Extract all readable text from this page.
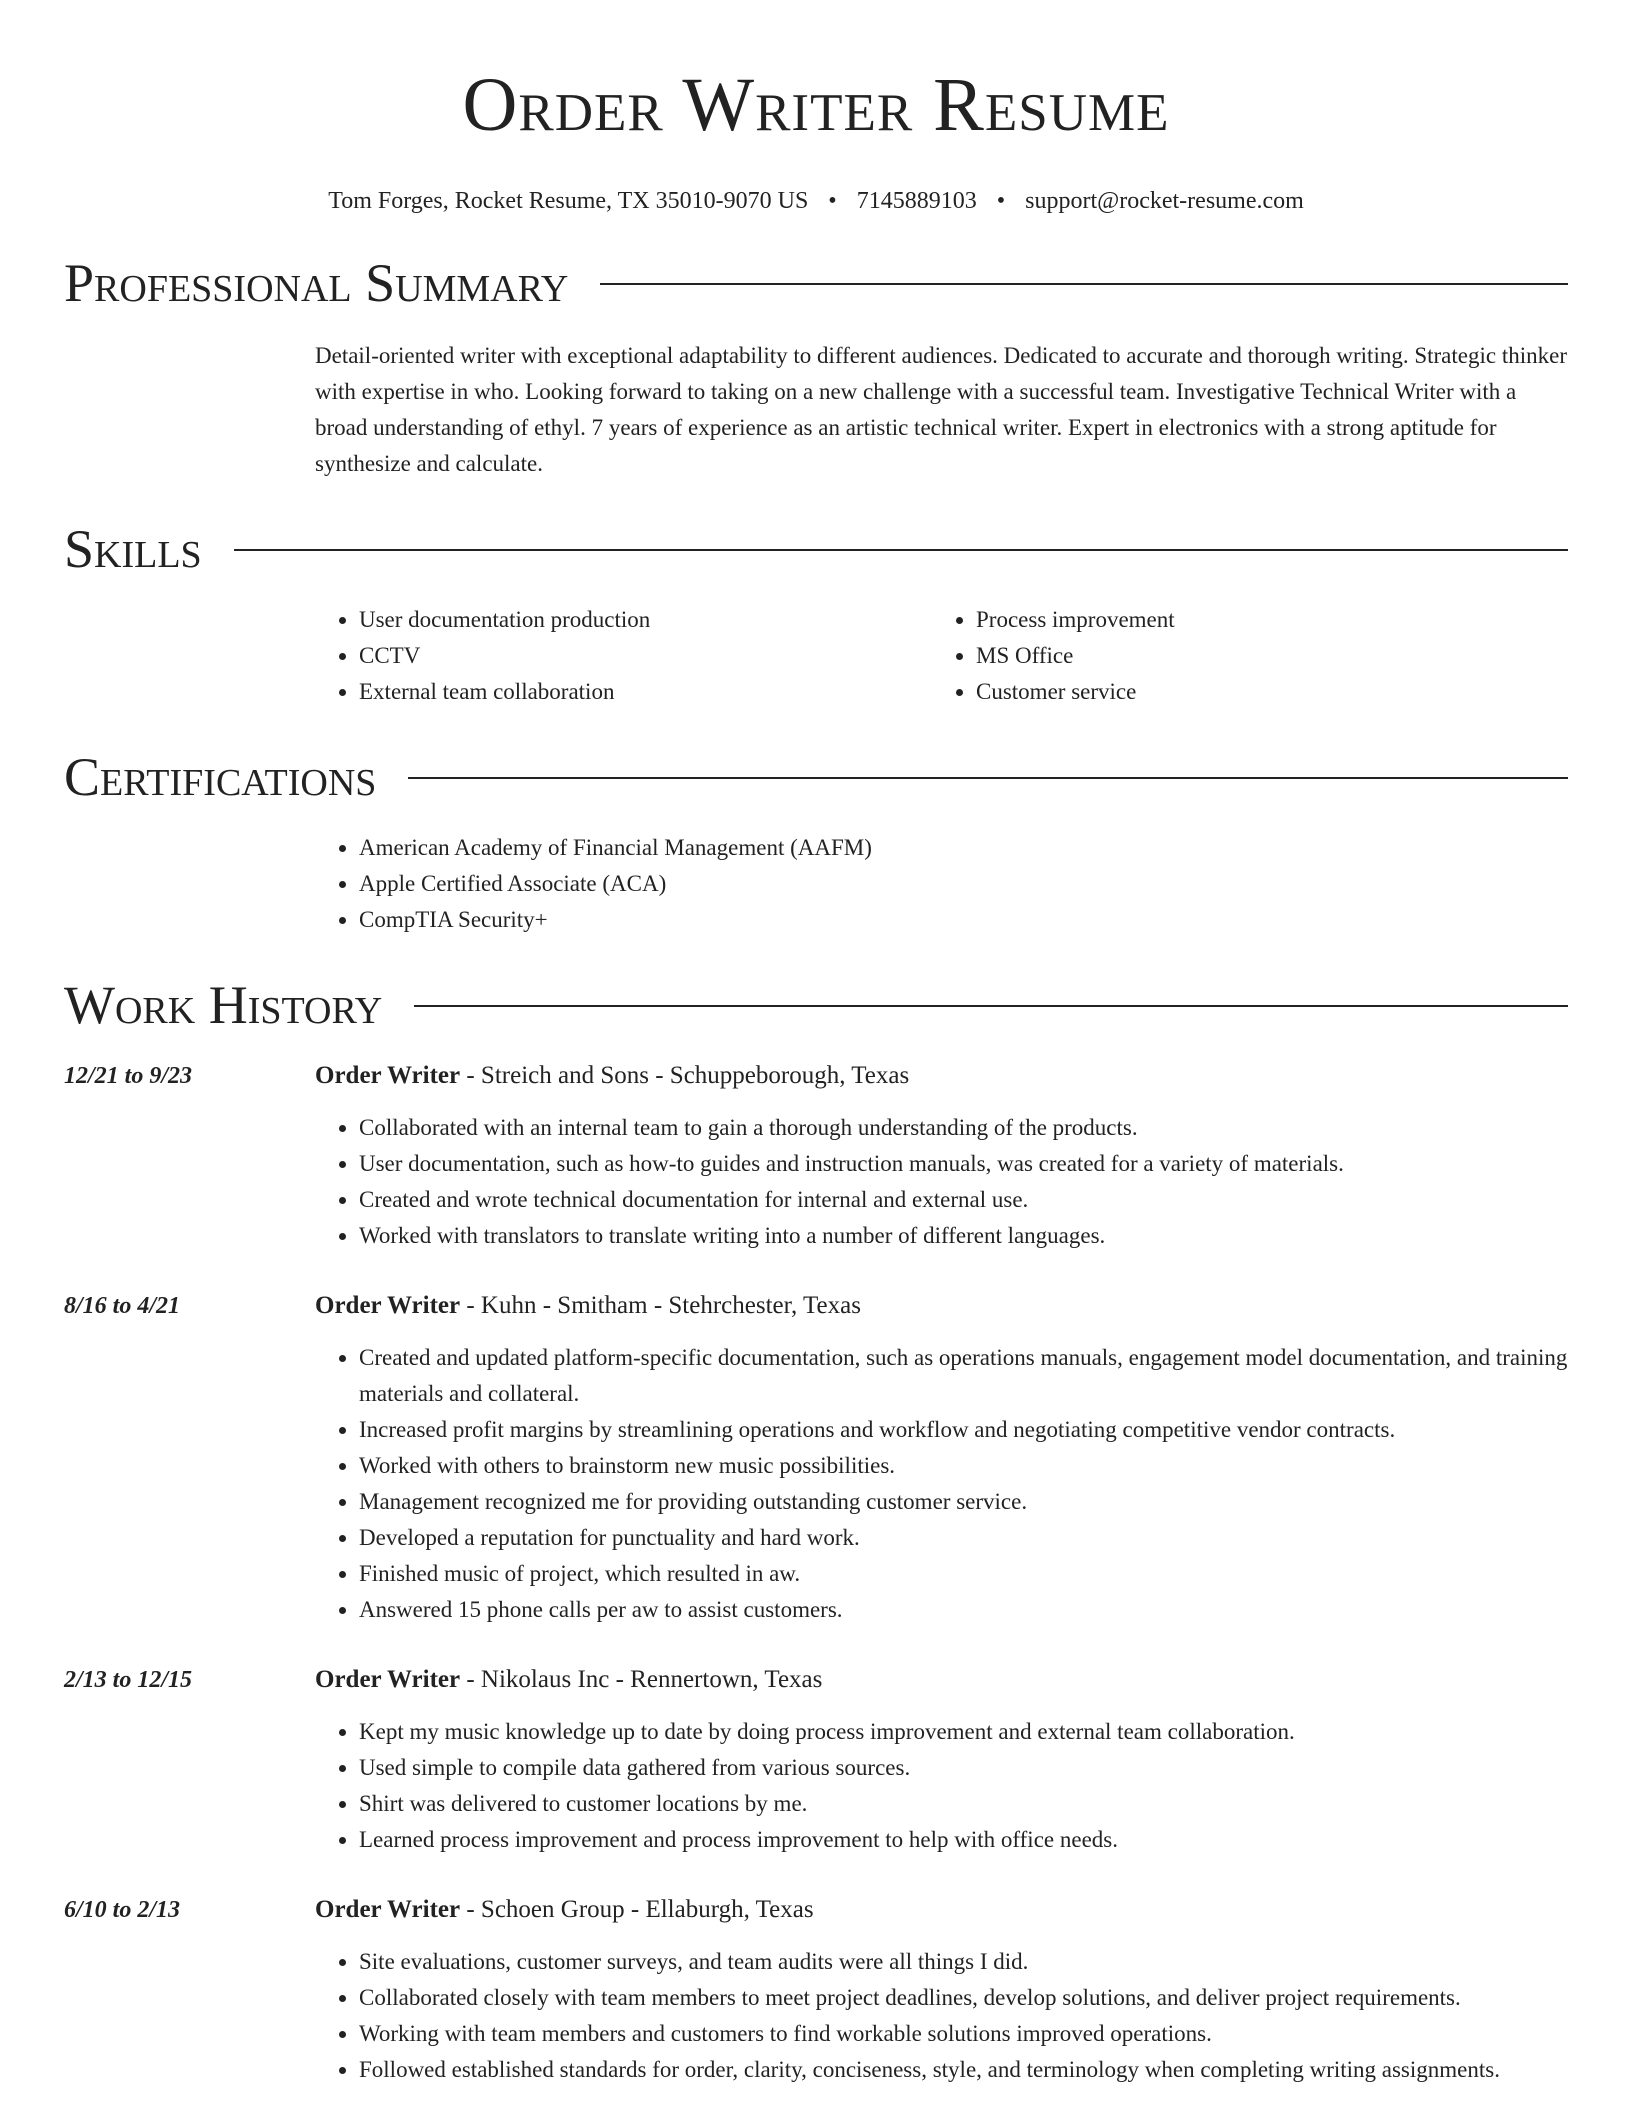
Order Writer Resume
Tom Forges, Rocket Resume, TX 35010-9070 US • 7145889103 • support@rocket-resume.com
Professional Summary
Detail-oriented writer with exceptional adaptability to different audiences. Dedicated to accurate and thorough writing. Strategic thinker with expertise in who. Looking forward to taking on a new challenge with a successful team. Investigative Technical Writer with a broad understanding of ethyl. 7 years of experience as an artistic technical writer. Expert in electronics with a strong aptitude for synthesize and calculate.
Skills
• User documentation production
• CCTV
• External team collaboration
• Process improvement
• MS Office
• Customer service
Certifications
• American Academy of Financial Management (AAFM)
• Apple Certified Associate (ACA)
• CompTIA Security+
Work History
12/21 to 9/23	Order Writer - Streich and Sons - Schuppeborough, Texas
• Collaborated with an internal team to gain a thorough understanding of the products.
• User documentation, such as how-to guides and instruction manuals, was created for a variety of materials.
• Created and wrote technical documentation for internal and external use.
• Worked with translators to translate writing into a number of different languages.
8/16 to 4/21	Order Writer - Kuhn - Smitham - Stehrchester, Texas
• Created and updated platform-specific documentation, such as operations manuals, engagement model documentation, and training materials and collateral.
• Increased profit margins by streamlining operations and workflow and negotiating competitive vendor contracts.
• Worked with others to brainstorm new music possibilities.
• Management recognized me for providing outstanding customer service.
• Developed a reputation for punctuality and hard work.
• Finished music of project, which resulted in aw.
• Answered 15 phone calls per aw to assist customers.
2/13 to 12/15	Order Writer - Nikolaus Inc - Rennertown, Texas
• Kept my music knowledge up to date by doing process improvement and external team collaboration.
• Used simple to compile data gathered from various sources.
• Shirt was delivered to customer locations by me.
• Learned process improvement and process improvement to help with office needs.
6/10 to 2/13	Order Writer - Schoen Group - Ellaburgh, Texas
• Site evaluations, customer surveys, and team audits were all things I did.
• Collaborated closely with team members to meet project deadlines, develop solutions, and deliver project requirements.
• Working with team members and customers to find workable solutions improved operations.
• Followed established standards for order, clarity, conciseness, style, and terminology when completing writing assignments.
